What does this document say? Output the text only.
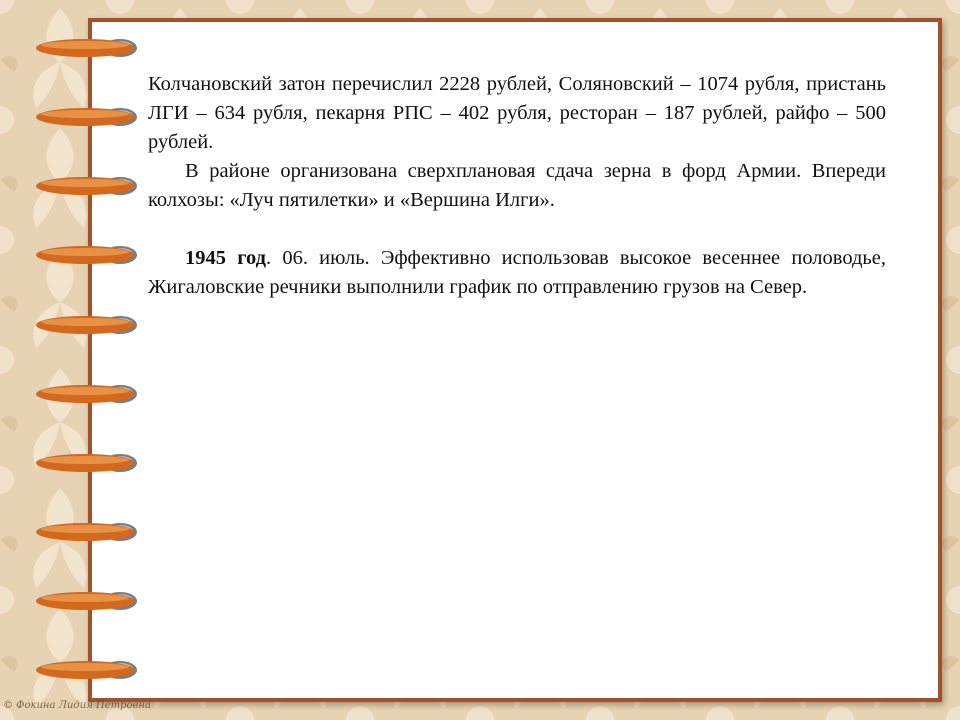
Колчановский затон перечислил 2228 рублей, Соляновский – 1074 рубля, пристань ЛГИ – 634 рубля, пекарня РПС – 402 рубля, ресторан – 187 рублей, райфо – 500 рублей.

В районе организована сверхплановая сдача зерна в форд Армии. Впереди колхозы: «Луч пятилетки» и «Вершина Илги».

1945 год. 06. июль. Эффективно использовав высокое весеннее половодье, Жигаловские речники выполнили график по отправлению грузов на Север.

© Фокина Лидия Петровна
